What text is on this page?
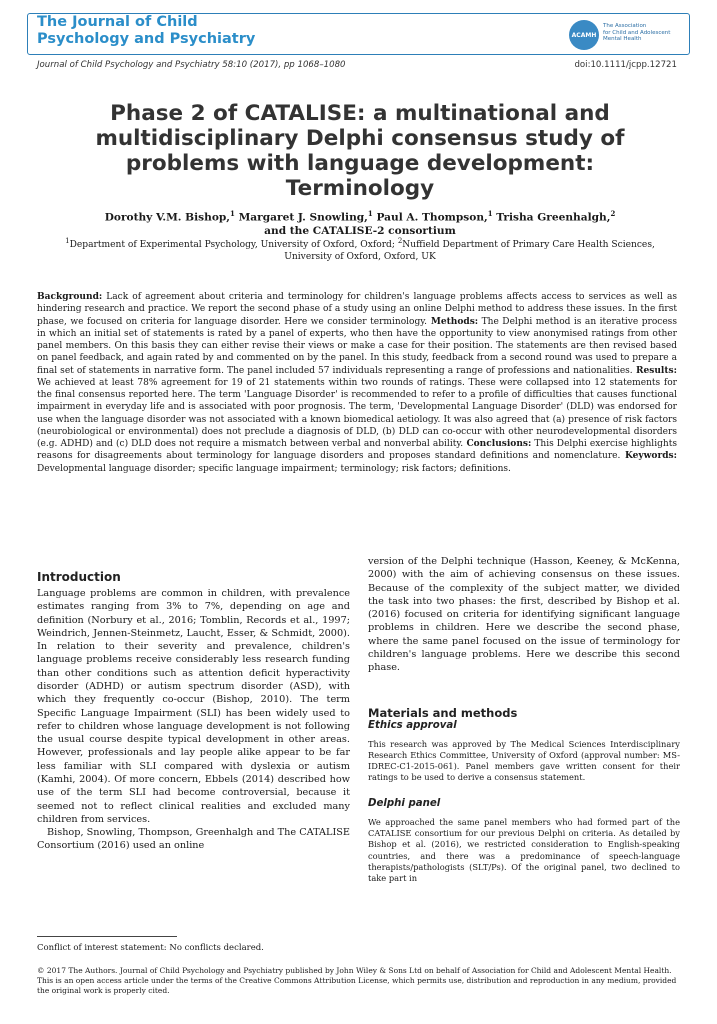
The Journal of Child
Psychology and Psychiatry	ACAMH
The Association
for Child and Adolescent
Mental Health
Journal of Child Psychology and Psychiatry 58:10 (2017), pp 1068–1080	doi:10.1111/jcpp.12721
Phase 2 of CATALISE: a multinational and multidisciplinary Delphi consensus study of problems with language development: Terminology
Dorothy V.M. Bishop,$^1$ Margaret J. Snowling,$^1$ Paul A. Thompson,$^1$ Trisha Greenhalgh,$^2$
and the CATALISE-2 consortium
$^1$Department of Experimental Psychology, University of Oxford, Oxford; $^2$Nuffield Department of Primary Care Health Sciences, University of Oxford, Oxford, UK
Background: Lack of agreement about criteria and terminology for children's language problems affects access to services as well as hindering research and practice. We report the second phase of a study using an online Delphi method to address these issues. In the first phase, we focused on criteria for language disorder. Here we consider terminology. Methods: The Delphi method is an iterative process in which an initial set of statements is rated by a panel of experts, who then have the opportunity to view anonymised ratings from other panel members. On this basis they can either revise their views or make a case for their position. The statements are then revised based on panel feedback, and again rated by and commented on by the panel. In this study, feedback from a second round was used to prepare a final set of statements in narrative form. The panel included 57 individuals representing a range of professions and nationalities. Results: We achieved at least 78% agreement for 19 of 21 statements within two rounds of ratings. These were collapsed into 12 statements for the final consensus reported here. The term 'Language Disorder' is recommended to refer to a profile of difficulties that causes functional impairment in everyday life and is associated with poor prognosis. The term, 'Developmental Language Disorder' (DLD) was endorsed for use when the language disorder was not associated with a known biomedical aetiology. It was also agreed that (a) presence of risk factors (neurobiological or environmental) does not preclude a diagnosis of DLD, (b) DLD can co-occur with other neurodevelopmental disorders (e.g. ADHD) and (c) DLD does not require a mismatch between verbal and nonverbal ability. Conclusions: This Delphi exercise highlights reasons for disagreements about terminology for language disorders and proposes standard definitions and nomenclature. Keywords: Developmental language disorder; specific language impairment; terminology; risk factors; definitions.
Introduction

Language problems are common in children, with prevalence estimates ranging from 3% to 7%, depending on age and definition (Norbury et al., 2016; Tomblin, Records et al., 1997; Weindrich, Jennen-Steinmetz, Laucht, Esser, & Schmidt, 2000). In relation to their severity and prevalence, children's language problems receive considerably less research funding than other conditions such as attention deficit hyperactivity disorder (ADHD) or autism spectrum disorder (ASD), with which they frequently co-occur (Bishop, 2010). The term Specific Language Impairment (SLI) has been widely used to refer to children whose language development is not following the usual course despite typical development in other areas. However, professionals and lay people alike appear to be far less familiar with SLI compared with dyslexia or autism (Kamhi, 2004). Of more concern, Ebbels (2014) described how use of the term SLI had become controversial, because it seemed not to reflect clinical realities and excluded many children from services.

Bishop, Snowling, Thompson, Greenhalgh and The CATALISE Consortium (2016) used an online

version of the Delphi technique (Hasson, Keeney, & McKenna, 2000) with the aim of achieving consensus on these issues. Because of the complexity of the subject matter, we divided the task into two phases: the first, described by Bishop et al. (2016) focused on criteria for identifying significant language problems in children. Here we describe the second phase, where the same panel focused on the issue of terminology for children's language problems. Here we describe this second phase.

Materials and methods
Ethics approval

This research was approved by The Medical Sciences Interdisciplinary Research Ethics Committee, University of Oxford (approval number: MS-IDREC-C1-2015-061). Panel members gave written consent for their ratings to be used to derive a consensus statement.

Delphi panel

We approached the same panel members who had formed part of the CATALISE consortium for our previous Delphi on criteria. As detailed by Bishop et al. (2016), we restricted consideration to English-speaking countries, and there was a predominance of speech-language therapists/pathologists (SLT/Ps). Of the original panel, two declined to take part in

Conflict of interest statement: No conflicts declared.

© 2017 The Authors. Journal of Child Psychology and Psychiatry published by John Wiley & Sons Ltd on behalf of Association for Child and Adolescent Mental Health.

This is an open access article under the terms of the Creative Commons Attribution License, which permits use, distribution and reproduction in any medium, provided the original work is properly cited.
